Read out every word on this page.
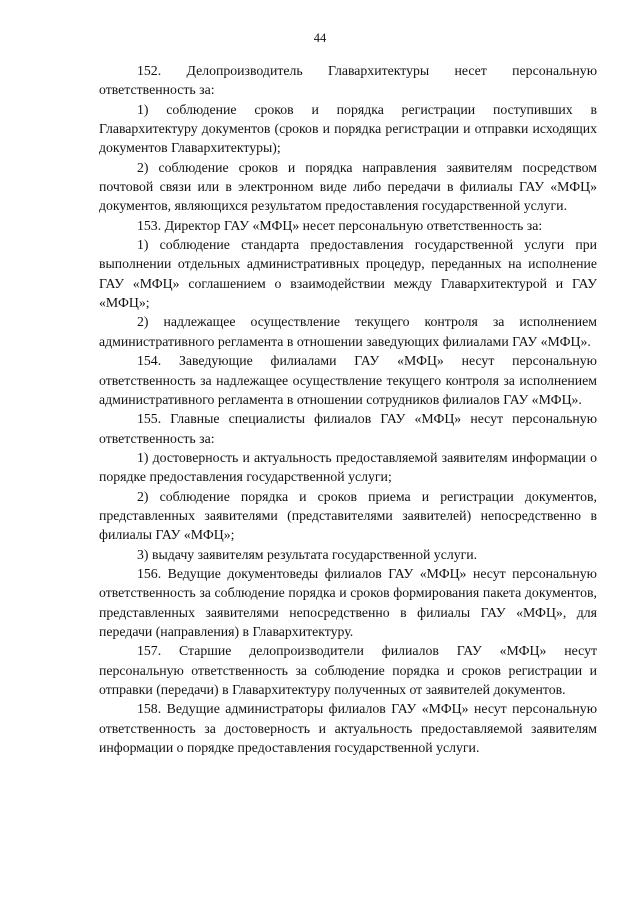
44

152. Делопроизводитель Главархитектуры несет персональную ответственность за:

1) соблюдение сроков и порядка регистрации поступивших в Главархитектуру документов (сроков и порядка регистрации и отправки исходящих документов Главархитектуры);

2) соблюдение сроков и порядка направления заявителям посредством почтовой связи или в электронном виде либо передачи в филиалы ГАУ «МФЦ» документов, являющихся результатом предоставления государственной услуги.

153. Директор ГАУ «МФЦ» несет персональную ответственность за:

1) соблюдение стандарта предоставления государственной услуги при выполнении отдельных административных процедур, переданных на исполнение ГАУ «МФЦ» соглашением о взаимодействии между Главархитектурой и ГАУ «МФЦ»;

2) надлежащее осуществление текущего контроля за исполнением административного регламента в отношении заведующих филиалами ГАУ «МФЦ».

154. Заведующие филиалами ГАУ «МФЦ» несут персональную ответственность за надлежащее осуществление текущего контроля за исполнением административного регламента в отношении сотрудников филиалов ГАУ «МФЦ».

155. Главные специалисты филиалов ГАУ «МФЦ» несут персональную ответственность за:

1) достоверность и актуальность предоставляемой заявителям информации о порядке предоставления государственной услуги;

2) соблюдение порядка и сроков приема и регистрации документов, представленных заявителями (представителями заявителей) непосредственно в филиалы ГАУ «МФЦ»;

3) выдачу заявителям результата государственной услуги.

156. Ведущие документоведы филиалов ГАУ «МФЦ» несут персональную ответственность за соблюдение порядка и сроков формирования пакета документов, представленных заявителями непосредственно в филиалы ГАУ «МФЦ», для передачи (направления) в Главархитектуру.

157. Старшие делопроизводители филиалов ГАУ «МФЦ» несут персональную ответственность за соблюдение порядка и сроков регистрации и отправки (передачи) в Главархитектуру полученных от заявителей документов.

158. Ведущие администраторы филиалов ГАУ «МФЦ» несут персональную ответственность за достоверность и актуальность предоставляемой заявителям информации о порядке предоставления государственной услуги.
